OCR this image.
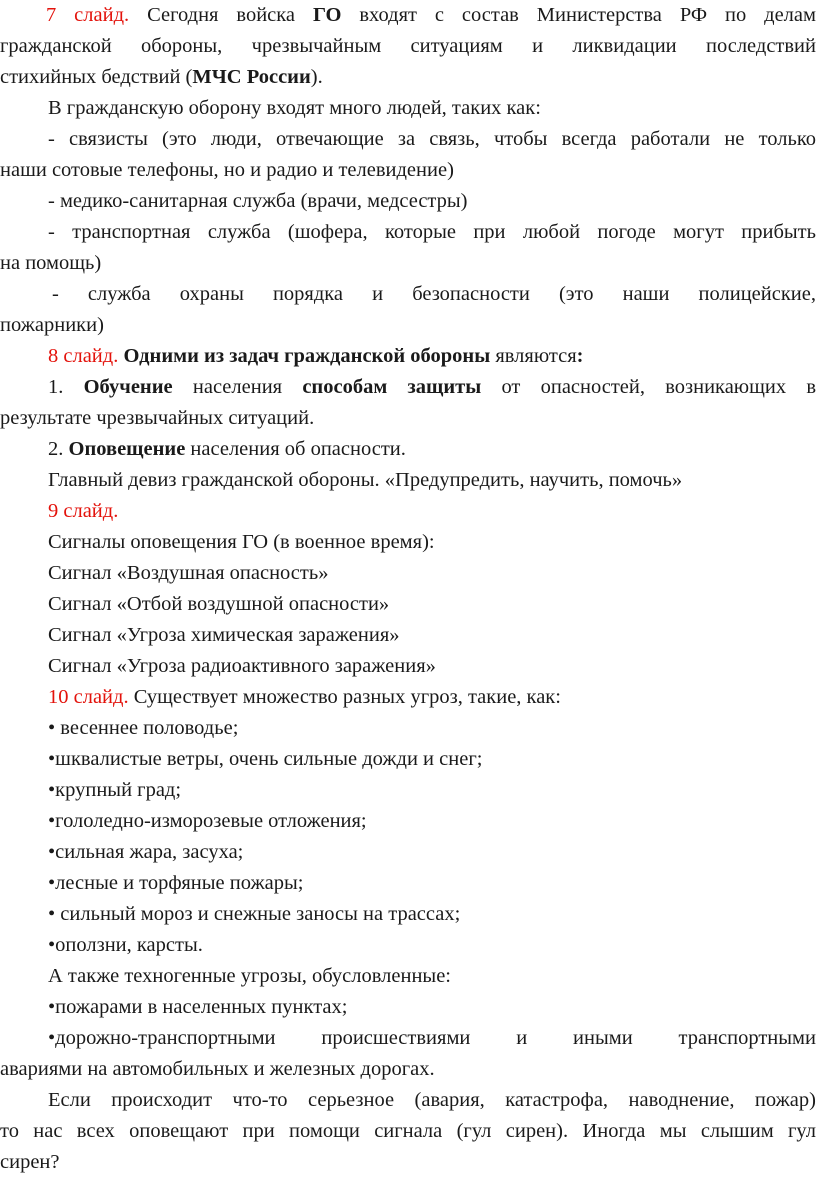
7 слайд. Сегодня войска ГО входят с состав Министерства РФ по делам
гражданской обороны, чрезвычайным ситуациям и ликвидации последствий
стихийных бедствий (МЧС России).
В гражданскую оборону входят много людей, таких как:
- связисты (это люди, отвечающие за связь, чтобы всегда работали не только
наши сотовые телефоны, но и радио и телевидение)
- медико-санитарная служба (врачи, медсестры)
- транспортная служба (шофера, которые при любой погоде могут прибыть
на помощь)
- служба охраны порядка и безопасности (это наши полицейские,
пожарники)
8 слайд. Одними из задач гражданской обороны являются:
1. Обучение населения способам защиты от опасностей, возникающих в
результате чрезвычайных ситуаций.
2. Оповещение населения об опасности.
Главный девиз гражданской обороны. «Предупредить, научить, помочь»
9 слайд.
Сигналы оповещения ГО (в военное время):
Сигнал «Воздушная опасность»
Сигнал «Отбой воздушной опасности»
Сигнал «Угроза химическая заражения»
Сигнал «Угроза радиоактивного заражения»
10 слайд. Существует множество разных угроз, такие, как:
• весеннее половодье;
•шквалистые ветры, очень сильные дожди и снег;
•крупный град;
•гололедно-изморозевые отложения;
•сильная жара, засуха;
•лесные и торфяные пожары;
• сильный мороз и снежные заносы на трассах;
•оползни, карсты.
А также техногенные угрозы, обусловленные:
•пожарами в населенных пунктах;
•дорожно-транспортными происшествиями и иными транспортными
авариями на автомобильных и железных дорогах.
Если происходит что-то серьезное (авария, катастрофа, наводнение, пожар)
то нас всех оповещают при помощи сигнала (гул сирен). Иногда мы слышим гул
сирен?
